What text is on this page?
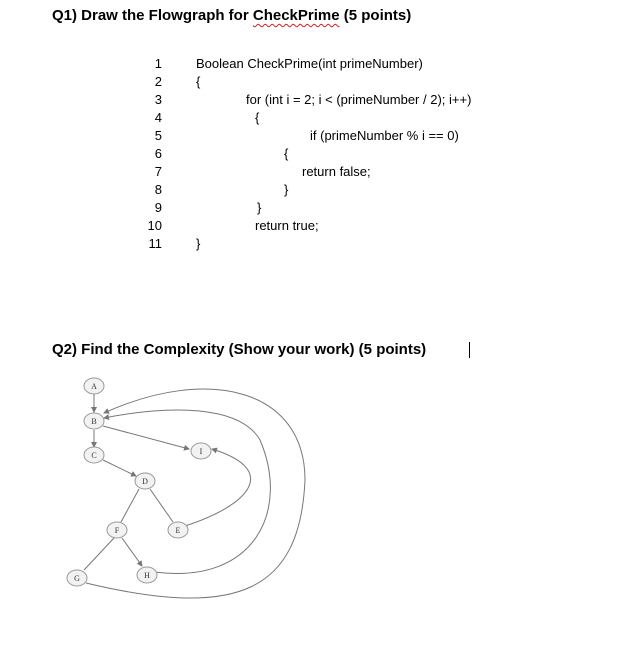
Q1) Draw the Flowgraph for CheckPrime (5 points)
1
2
3
4
5
6
7
8
9
10
11
Boolean CheckPrime(int primeNumber)
{
for (int i = 2; i < (primeNumber / 2); i++)
{
if (primeNumber % i == 0)
{
return false;
}
}
return true;
}
Q2) Find the Complexity (Show your work) (5 points)
A
B
C
D
E
F
G	H
I
